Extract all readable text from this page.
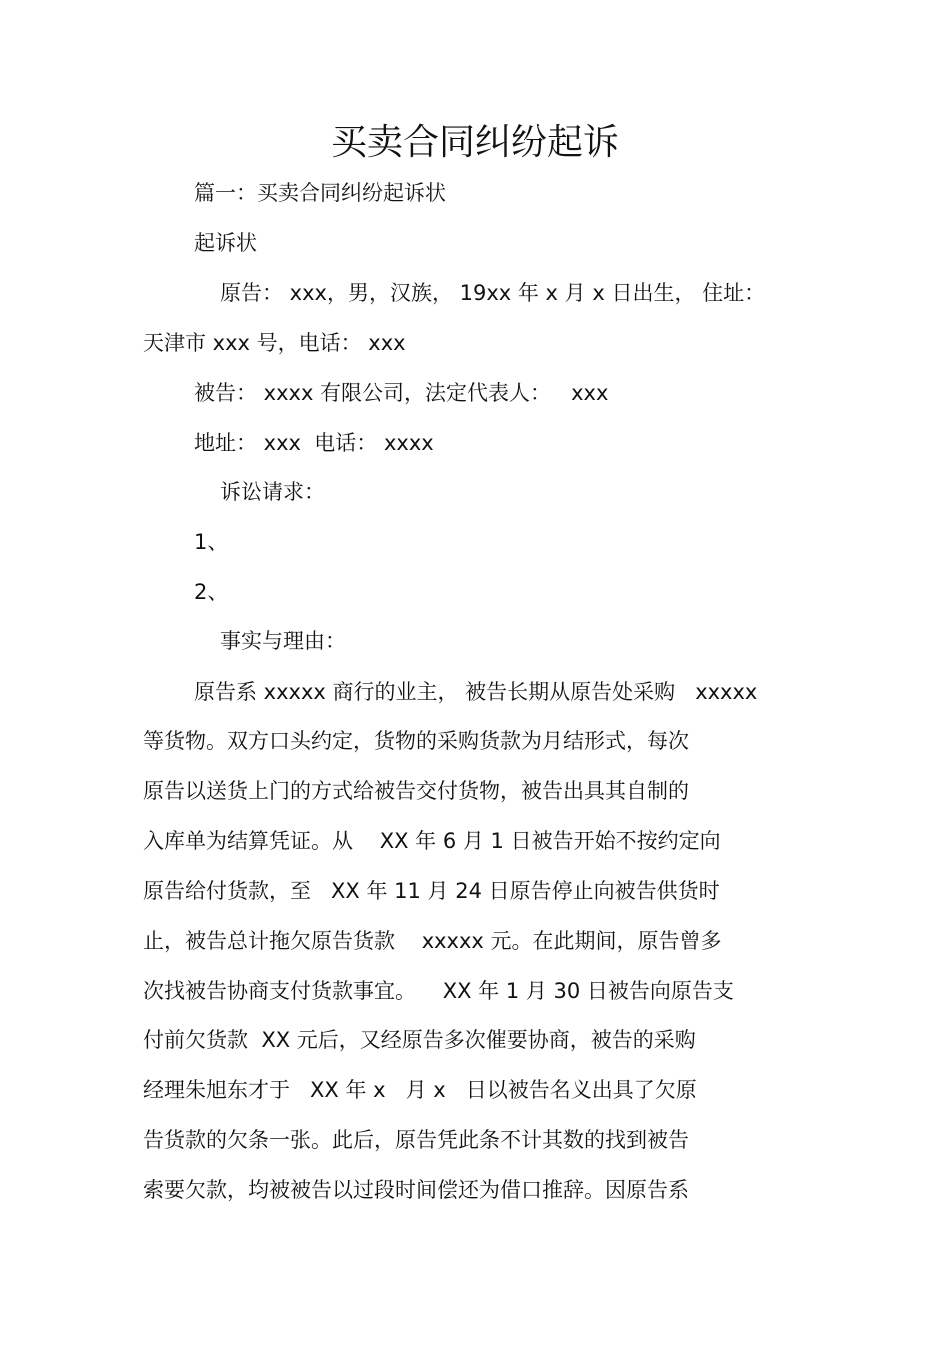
买卖合同纠纷起诉
篇一：买卖合同纠纷起诉状
起诉状
原告： xxx，男，汉族， 19xx 年 x 月 x 日出生， 住址：
天津市 xxx 号，电话： xxx
被告： xxxx 有限公司，法定代表人：   xxx
地址： xxx  电话： xxxx
诉讼请求：
1、
2、
事实与理由：
原告系 xxxxx 商行的业主， 被告长期从原告处采购   xxxxx
等货物。双方口头约定，货物的采购货款为月结形式，每次
原告以送货上门的方式给被告交付货物，被告出具其自制的
入库单为结算凭证。从    XX 年 6 月 1 日被告开始不按约定向
原告给付货款，至   XX 年 11 月 24 日原告停止向被告供货时
止，被告总计拖欠原告货款    xxxxx 元。在此期间，原告曾多
次找被告协商支付货款事宜。    XX 年 1 月 30 日被告向原告支
付前欠货款  XX 元后，又经原告多次催要协商，被告的采购
经理朱旭东才于   XX 年 x   月 x   日以被告名义出具了欠原
告货款的欠条一张。此后，原告凭此条不计其数的找到被告
索要欠款，均被被告以过段时间偿还为借口推辞。因原告系
